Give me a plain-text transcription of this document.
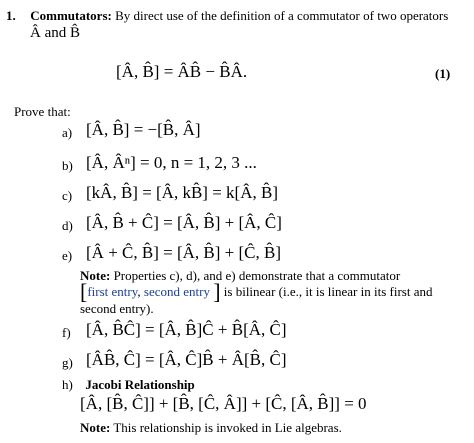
1. Commutators: By direct use of the definition of a commutator of two operators
Â and B̂
[Â, B̂] = ÂB̂ − B̂Â.	(1)
Prove that:
a) [Â, B̂] = −[B̂, Â]
b) [Â, Âⁿ] = 0, n = 1, 2, 3 ...
c) [kÂ, B̂] = [Â, kB̂] = k[Â, B̂]
d) [Â, B̂ + Ĉ] = [Â, B̂] + [Â, Ĉ]
e) [Â + Ĉ, B̂] = [Â, B̂] + [Ĉ, B̂]
Note: Properties c), d), and e) demonstrate that a commutator
[first entry, second entry ] is bilinear (i.e., it is linear in its first and
second entry).
f) [Â, B̂Ĉ] = [Â, B̂]Ĉ + B̂[Â, Ĉ]
g) [ÂB̂, Ĉ] = [Â, Ĉ]B̂ + Â[B̂, Ĉ]
h) Jacobi Relationship
[Â, [B̂, Ĉ]] + [B̂, [Ĉ, Â]] + [Ĉ, [Â, B̂]] = 0
Note: This relationship is invoked in Lie algebras.
